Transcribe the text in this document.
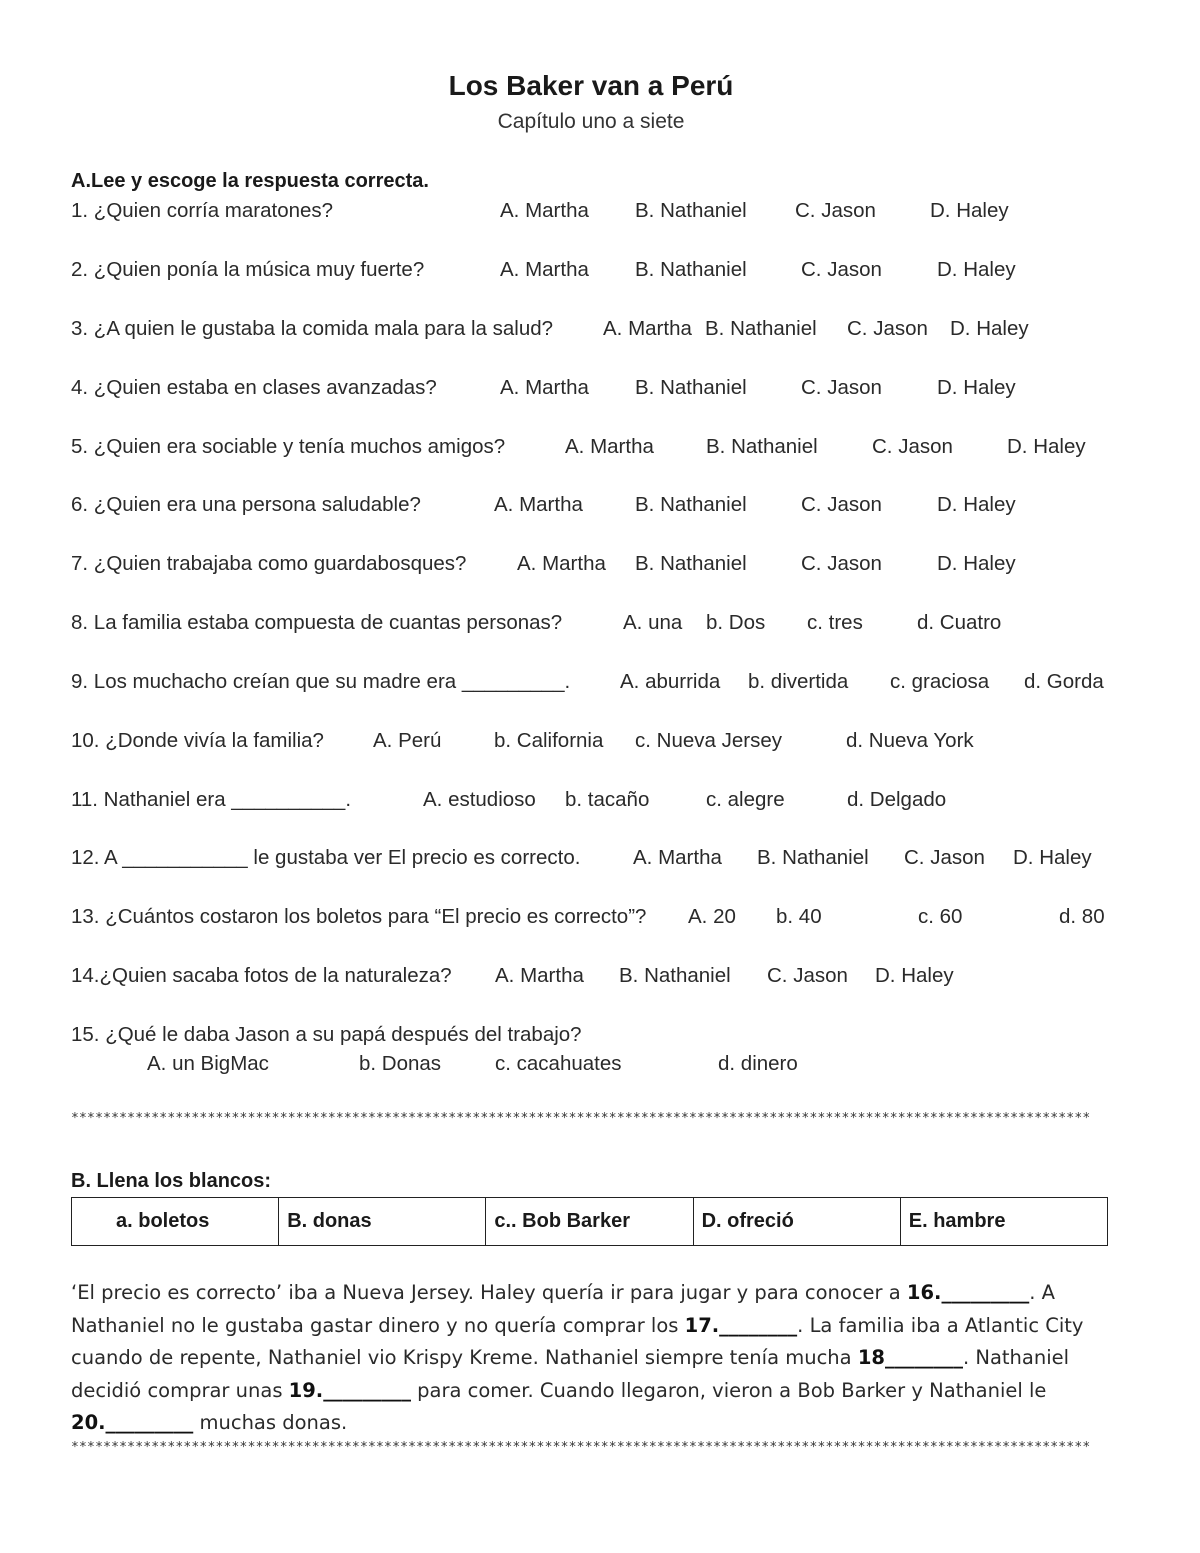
Los Baker van a Perú
Capítulo uno a siete
A.Lee y escoge la respuesta correcta.
1. ¿Quien corría maratones?	A. Martha B. Nathaniel C. Jason	D. Haley
2. ¿Quien ponía la música muy fuerte?	A. Martha B. Nathaniel	C. Jason	D. Haley
3. ¿A quien le gustaba la comida mala para la salud? A. Martha B. Nathaniel C. Jason D. Haley
4. ¿Quien estaba en clases avanzadas?	A. Martha B. Nathaniel	C. Jason	D. Haley
5. ¿Quien era sociable y tenía muchos amigos?	A. Martha	B. Nathaniel	C. Jason	D. Haley
6. ¿Quien era una persona saludable?	A. Martha	B. Nathaniel	C. Jason	D. Haley
7. ¿Quien trabajaba como guardabosques? A. Martha B. Nathaniel	C. Jason	D. Haley
8. La familia estaba compuesta de cuantas personas?	A. una b. Dos c. tres	d. Cuatro
9. Los muchacho creían que su madre era _________. A. aburrida b. divertida c. graciosa d. Gorda
10. ¿Donde vivía la familia? A. Perú	b. California c. Nueva Jersey	d. Nueva York
11. Nathaniel era __________.	A. estudioso b. tacaño	c. alegre	d. Delgado
12. A ___________ le gustaba ver El precio es correcto.	A. Martha B. Nathaniel C. Jason D. Haley
13. ¿Cuántos costaron los boletos para “El precio es correcto”? A. 20 b. 40	c. 60	d. 80
14.¿Quien sacaba fotos de la naturaleza? A. Martha B. Nathaniel C. Jason D. Haley
15. ¿Qué le daba Jason a su papá después del trabajo?
A. un BigMac	b. Donas	c. cacahuates	d. dinero
*******************************************************************************************************************************
B. Llena los blancos:
a. boletos	B. donas	c.. Bob Barker	D. ofreció	E. hambre
‘El precio es correcto’ iba a Nueva Jersey. Haley quería ir para jugar y para conocer a 16._________. A Nathaniel no le gustaba gastar dinero y no quería comprar los 17.________. La familia iba a Atlantic City cuando de repente, Nathaniel vio Krispy Kreme. Nathaniel siempre tenía mucha 18________. Nathaniel decidió comprar unas 19._________ para comer. Cuando llegaron, vieron a Bob Barker y Nathaniel le 20._________ muchas donas.
*******************************************************************************************************************************
